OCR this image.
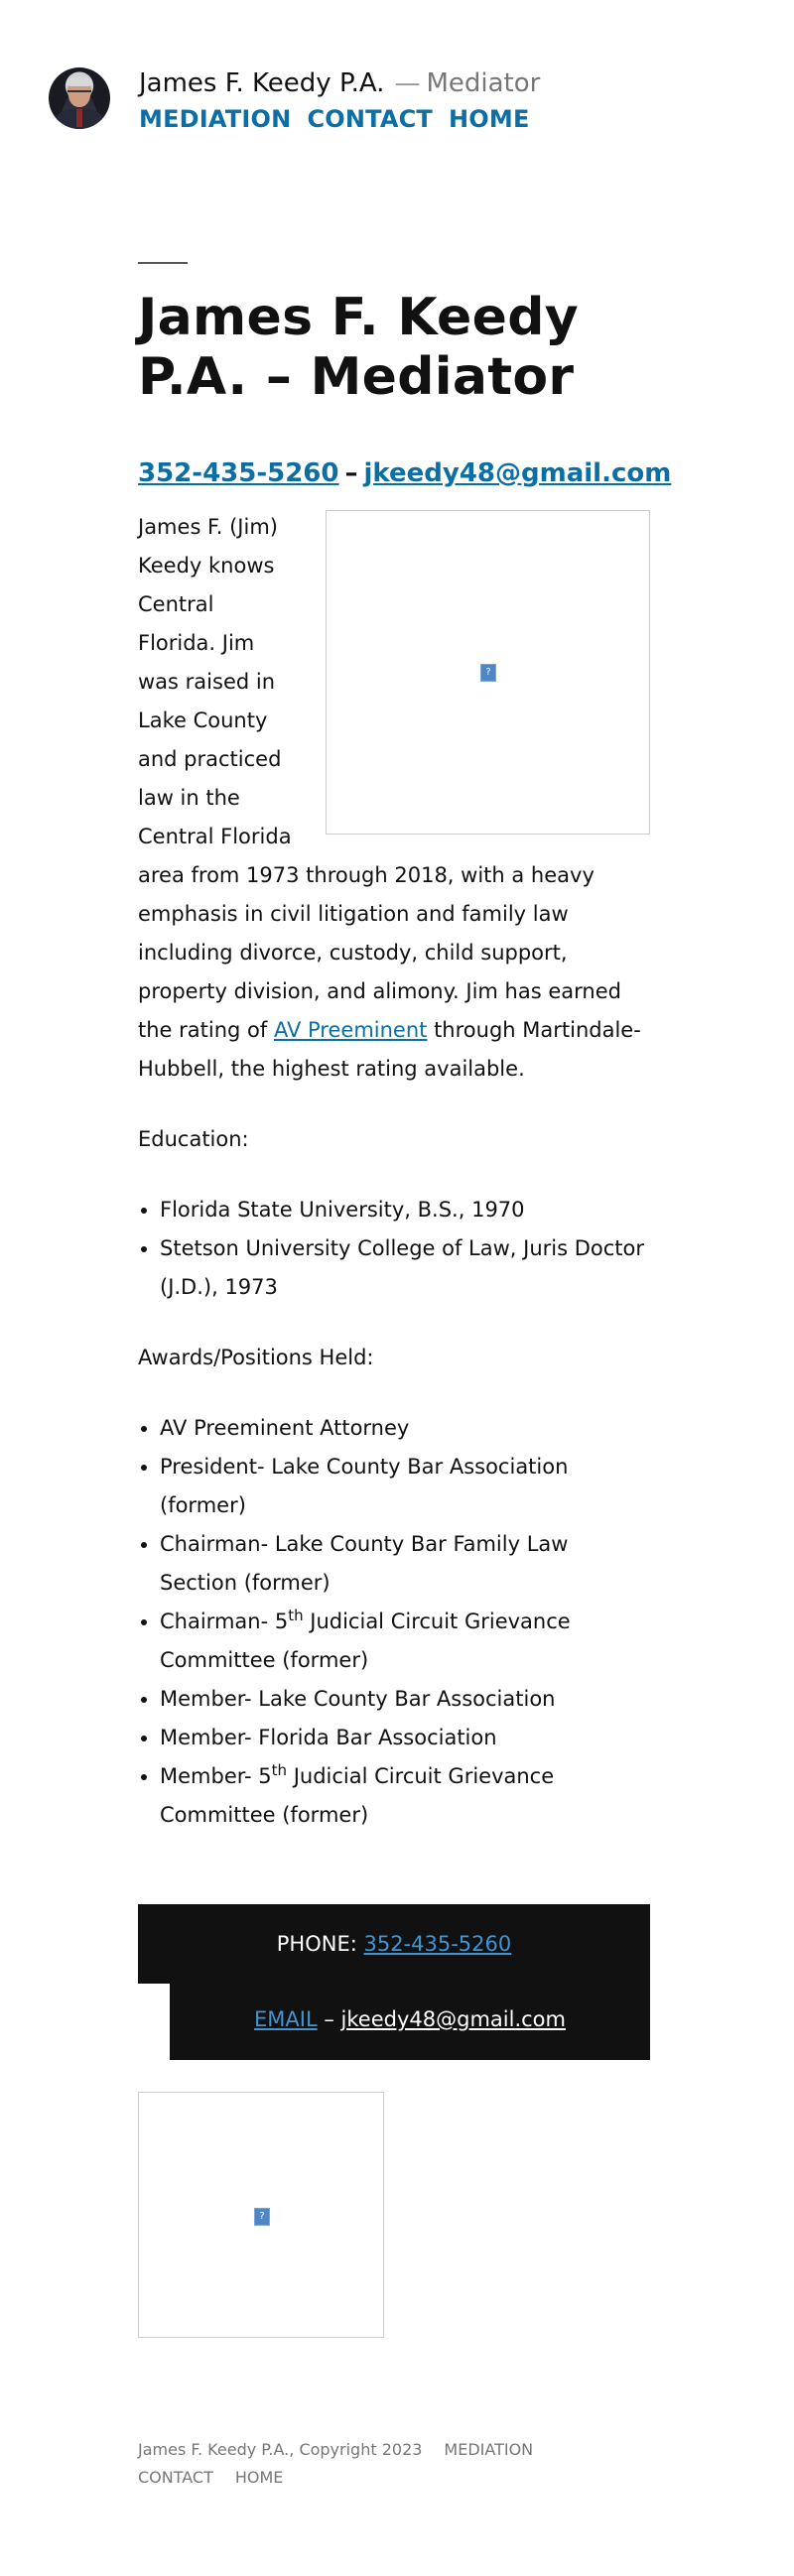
James F. Keedy P.A. — Mediator
MEDIATION CONTACT HOME
James F. Keedy P.A. – Mediator
352-435-5260 – jkeedy48@gmail.com
?

James F. (Jim) Keedy knows Central Florida. Jim was raised in Lake County and practiced law in the Central Florida area from 1973 through 2018, with a heavy emphasis in civil litigation and family law including divorce, custody, child support, property division, and alimony. Jim has earned the rating of AV Preeminent through Martindale-Hubbell, the highest rating available.

Education:

• Florida State University, B.S., 1970
• Stetson University College of Law, Juris Doctor (J.D.), 1973

Awards/Positions Held:

• AV Preeminent Attorney
• President- Lake County Bar Association (former)
• Chairman- Lake County Bar Family Law Section (former)
• Chairman- 5th Judicial Circuit Grievance Committee (former)
• Member- Lake County Bar Association
• Member- Florida Bar Association
• Member- 5th Judicial Circuit Grievance Committee (former)
PHONE: 352-435-5260
EMAIL – jkeedy48@gmail.com
?
James F. Keedy P.A., Copyright 2023 MEDIATION
CONTACT HOME
